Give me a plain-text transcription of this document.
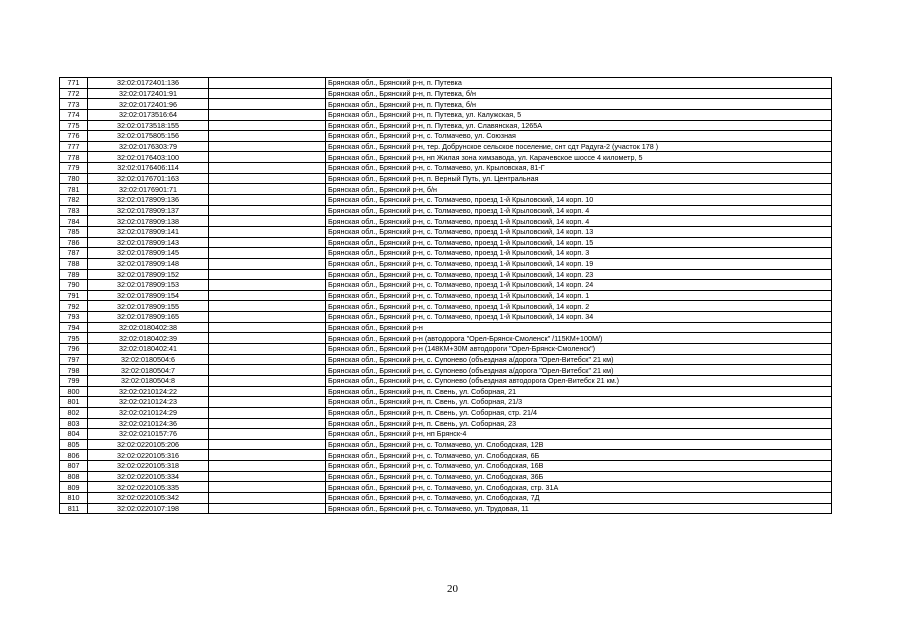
771	32:02:0172401:136		Брянская обл., Брянский р-н, п. Путевка
772	32:02:0172401:91		Брянская обл., Брянский р-н, п. Путевка, б/н
773	32:02:0172401:96		Брянская обл., Брянский р-н, п. Путевка, б/н
774	32:02:0173516:64		Брянская обл., Брянский р-н, п. Путевка, ул. Калужская, 5
775	32:02:0173518:155		Брянская обл., Брянский р-н, п. Путевка, ул. Славянская, 1265А
776	32:02:0175805:156		Брянская обл., Брянский р-н, с. Толмачево, ул. Союзная
777	32:02:0176303:79		Брянская обл., Брянский р-н, тер. Добрунское сельское поселение, снт сдт Радуга-2 (участок 178 )
778	32:02:0176403:100		Брянская обл., Брянский р-н, нп Жилая зона химзавода, ул. Карачевское шоссе 4 километр, 5
779	32:02:0176406:114		Брянская обл., Брянский р-н, с. Толмачево, ул. Крыловская, 81-Г
780	32:02:0176701:163		Брянская обл., Брянский р-н, п. Верный Путь, ул. Центральная
781	32:02:0176901:71		Брянская обл., Брянский р-н, б/н
782	32:02:0178909:136		Брянская обл., Брянский р-н, с. Толмачево, проезд 1-й Крыловский, 14 корп. 10
783	32:02:0178909:137		Брянская обл., Брянский р-н, с. Толмачево, проезд 1-й Крыловский, 14 корп. 4
784	32:02:0178909:138		Брянская обл., Брянский р-н, с. Толмачево, проезд 1-й Крыловский, 14 корп. 4
785	32:02:0178909:141		Брянская обл., Брянский р-н, с. Толмачево, проезд 1-й Крыловский, 14 корп. 13
786	32:02:0178909:143		Брянская обл., Брянский р-н, с. Толмачево, проезд 1-й Крыловский, 14 корп. 15
787	32:02:0178909:145		Брянская обл., Брянский р-н, с. Толмачево, проезд 1-й Крыловский, 14 корп. 3
788	32:02:0178909:148		Брянская обл., Брянский р-н, с. Толмачево, проезд 1-й Крыловский, 14 корп. 19
789	32:02:0178909:152		Брянская обл., Брянский р-н, с. Толмачево, проезд 1-й Крыловский, 14 корп. 23
790	32:02:0178909:153		Брянская обл., Брянский р-н, с. Толмачево, проезд 1-й Крыловский, 14 корп. 24
791	32:02:0178909:154		Брянская обл., Брянский р-н, с. Толмачево, проезд 1-й Крыловский, 14 корп. 1
792	32:02:0178909:155		Брянская обл., Брянский р-н, с. Толмачево, проезд 1-й Крыловский, 14 корп. 2
793	32:02:0178909:165		Брянская обл., Брянский р-н, с. Толмачево, проезд 1-й Крыловский, 14 корп. 34
794	32:02:0180402:38		Брянская обл., Брянский р-н
795	32:02:0180402:39		Брянская обл., Брянский р-н (автодорога "Орел-Брянск-Смоленск" /115КМ+100М/)
796	32:02:0180402:41		Брянская обл., Брянский р-н (148КМ+30М автодороги "Орел-Брянск-Смоленск")
797	32:02:0180504:6		Брянская обл., Брянский р-н, с. Супонево (объездная а/дорога "Орел-Витебск" 21 км)
798	32:02:0180504:7		Брянская обл., Брянский р-н, с. Супонево (объездная а/дорога "Орел-Витебск" 21 км)
799	32:02:0180504:8		Брянская обл., Брянский р-н, с. Супонево (объездная автодорога Орел-Витебск 21 км.)
800	32:02:0210124:22		Брянская обл., Брянский р-н, п. Свень, ул. Соборная, 21
801	32:02:0210124:23		Брянская обл., Брянский р-н, п. Свень, ул. Соборная, 21/3
802	32:02:0210124:29		Брянская обл., Брянский р-н, п. Свень, ул. Соборная, стр. 21/4
803	32:02:0210124:36		Брянская обл., Брянский р-н, п. Свень, ул. Соборная, 23
804	32:02:0210157:76		Брянская обл., Брянский р-н, нп Брянск-4
805	32:02:0220105:206		Брянская обл., Брянский р-н, с. Толмачево, ул. Слободская, 12В
806	32:02:0220105:316		Брянская обл., Брянский р-н, с. Толмачево, ул. Слободская, 6Б
807	32:02:0220105:318		Брянская обл., Брянский р-н, с. Толмачево, ул. Слободская, 16В
808	32:02:0220105:334		Брянская обл., Брянский р-н, с. Толмачево, ул. Слободская, 36Б
809	32:02:0220105:335		Брянская обл., Брянский р-н, с. Толмачево, ул. Слободская, стр. 31А
810	32:02:0220105:342		Брянская обл., Брянский р-н, с. Толмачево, ул. Слободская, 7Д
811	32:02:0220107:198		Брянская обл., Брянский р-н, с. Толмачево, ул. Трудовая, 11
20
